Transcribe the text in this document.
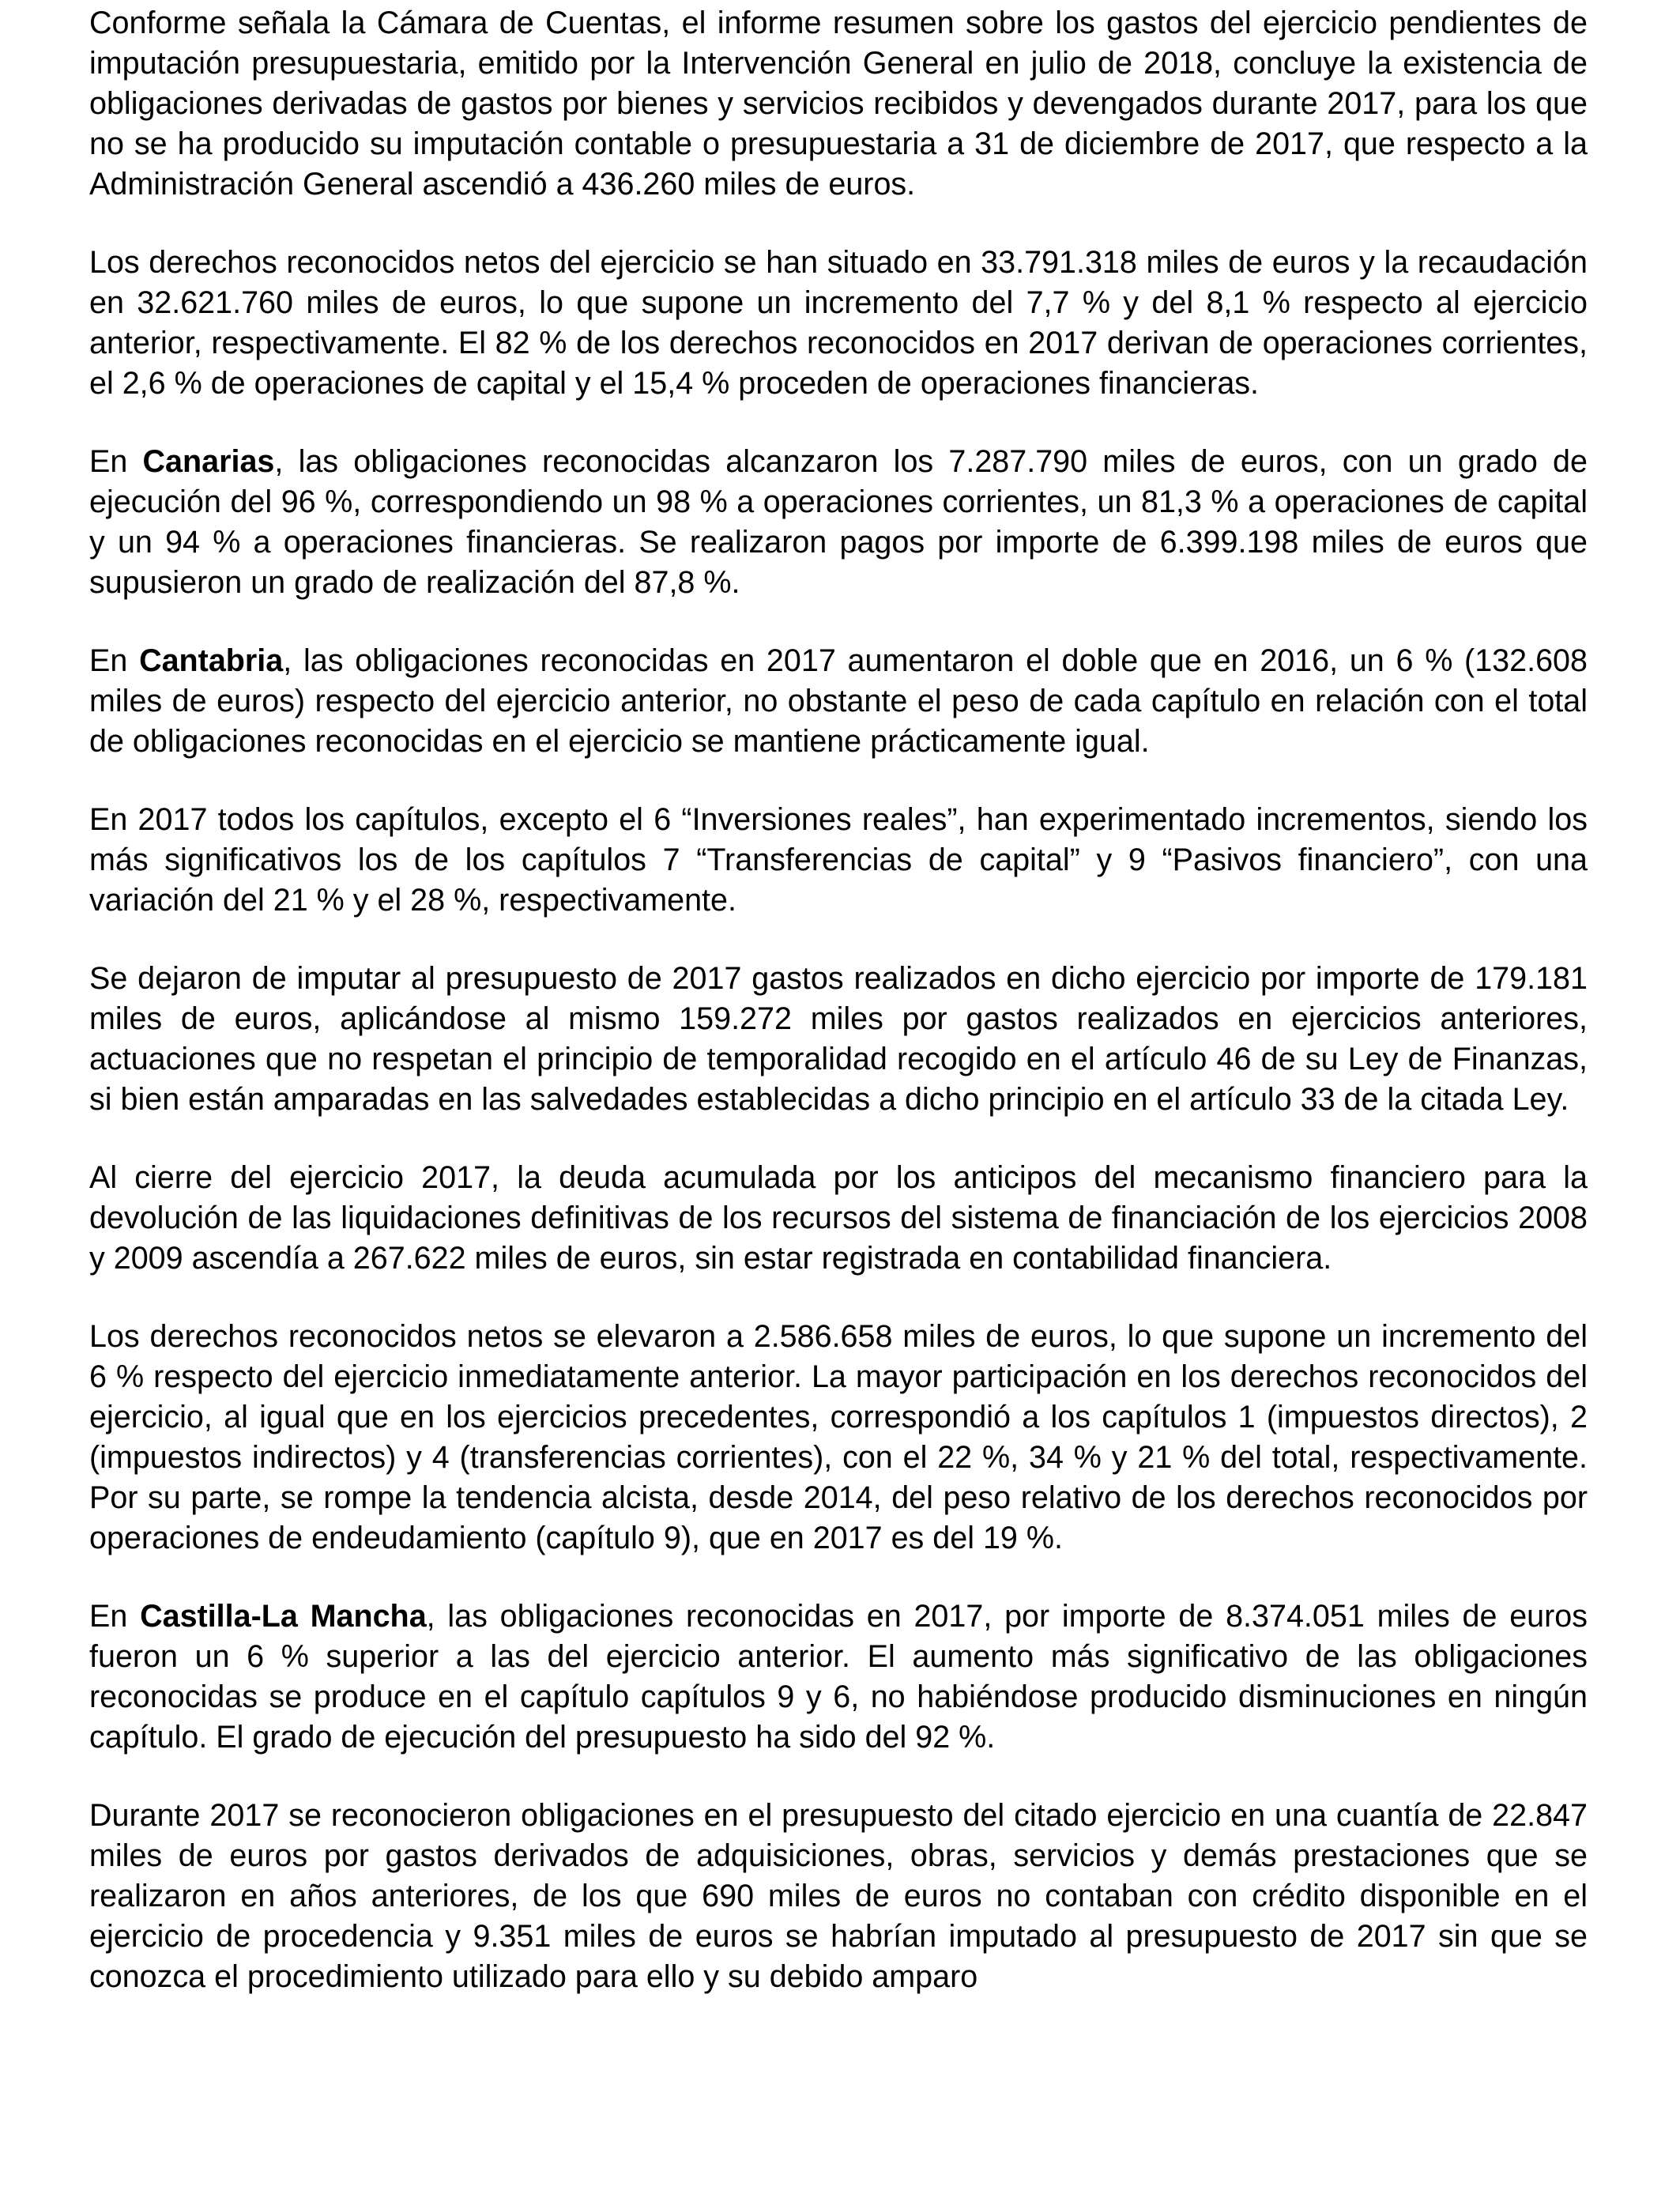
Conforme señala la Cámara de Cuentas, el informe resumen sobre los gastos del ejercicio pendientes de imputación presupuestaria, emitido por la Intervención General en julio de 2018, concluye la existencia de obligaciones derivadas de gastos por bienes y servicios recibidos y devengados durante 2017, para los que no se ha producido su imputación contable o presupuestaria a 31 de diciembre de 2017, que respecto a la Administración General ascendió a 436.260 miles de euros.

Los derechos reconocidos netos del ejercicio se han situado en 33.791.318 miles de euros y la recaudación en 32.621.760 miles de euros, lo que supone un incremento del 7,7 % y del 8,1 % respecto al ejercicio anterior, respectivamente. El 82 % de los derechos reconocidos en 2017 derivan de operaciones corrientes, el 2,6 % de operaciones de capital y el 15,4 % proceden de operaciones financieras.

En Canarias, las obligaciones reconocidas alcanzaron los 7.287.790 miles de euros, con un grado de ejecución del 96 %, correspondiendo un 98 % a operaciones corrientes, un 81,3 % a operaciones de capital y un 94 % a operaciones financieras. Se realizaron pagos por importe de 6.399.198 miles de euros que supusieron un grado de realización del 87,8 %.

En Cantabria, las obligaciones reconocidas en 2017 aumentaron el doble que en 2016, un 6 % (132.608 miles de euros) respecto del ejercicio anterior, no obstante el peso de cada capítulo en relación con el total de obligaciones reconocidas en el ejercicio se mantiene prácticamente igual.

En 2017 todos los capítulos, excepto el 6 “Inversiones reales”, han experimentado incrementos, siendo los más significativos los de los capítulos 7 “Transferencias de capital” y 9 “Pasivos financiero”, con una variación del 21 % y el 28 %, respectivamente.

Se dejaron de imputar al presupuesto de 2017 gastos realizados en dicho ejercicio por importe de 179.181 miles de euros, aplicándose al mismo 159.272 miles por gastos realizados en ejercicios anteriores, actuaciones que no respetan el principio de temporalidad recogido en el artículo 46 de su Ley de Finanzas, si bien están amparadas en las salvedades establecidas a dicho principio en el artículo 33 de la citada Ley.

Al cierre del ejercicio 2017, la deuda acumulada por los anticipos del mecanismo financiero para la devolución de las liquidaciones definitivas de los recursos del sistema de financiación de los ejercicios 2008 y 2009 ascendía a 267.622 miles de euros, sin estar registrada en contabilidad financiera.

Los derechos reconocidos netos se elevaron a 2.586.658 miles de euros, lo que supone un incremento del 6 % respecto del ejercicio inmediatamente anterior. La mayor participación en los derechos reconocidos del ejercicio, al igual que en los ejercicios precedentes, correspondió a los capítulos 1 (impuestos directos), 2 (impuestos indirectos) y 4 (transferencias corrientes), con el 22 %, 34 % y 21 % del total, respectivamente. Por su parte, se rompe la tendencia alcista, desde 2014, del peso relativo de los derechos reconocidos por operaciones de endeudamiento (capítulo 9), que en 2017 es del 19 %.

En Castilla-La Mancha, las obligaciones reconocidas en 2017, por importe de 8.374.051 miles de euros fueron un 6 % superior a las del ejercicio anterior. El aumento más significativo de las obligaciones reconocidas se produce en el capítulo capítulos 9 y 6, no habiéndose producido disminuciones en ningún capítulo. El grado de ejecución del presupuesto ha sido del 92 %.

Durante 2017 se reconocieron obligaciones en el presupuesto del citado ejercicio en una cuantía de 22.847 miles de euros por gastos derivados de adquisiciones, obras, servicios y demás prestaciones que se realizaron en años anteriores, de los que 690 miles de euros no contaban con crédito disponible en el ejercicio de procedencia y 9.351 miles de euros se habrían imputado al presupuesto de 2017 sin que se conozca el procedimiento utilizado para ello y su debido amparo
